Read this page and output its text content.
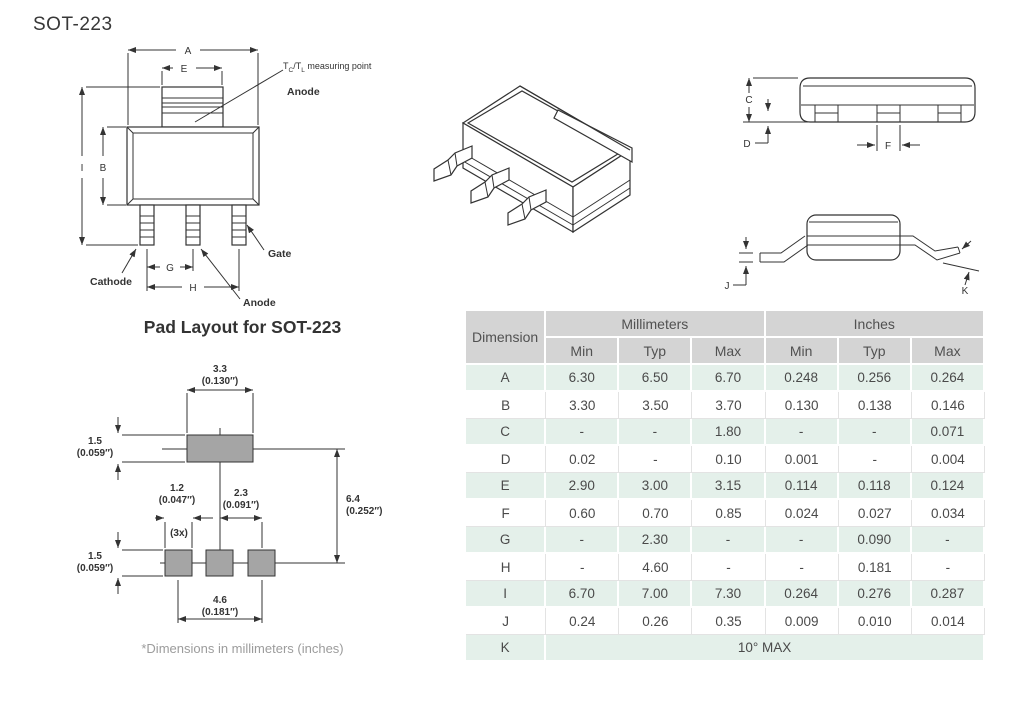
SOT-223
A
E
I B
G
H
Anode
Cathode
Gate
Anode
$T_C/T_L$ measuring point
C
D	F
J	K
Pad Layout for SOT-223
3.3
(0.130″)
1.5
(0.059″)
6.4
(0.252″)
1.2
(0.047″)
2.3
(0.091″)
(3x)
1.5
(0.059″)
4.6
(0.181″)
*Dimensions in millimeters (inches)
Dimension	Millimeters			Inches		
	Min	Typ	Max	Min	Typ	Max
A	6.30	6.50	6.70	0.248	0.256	0.264
B	3.30	3.50	3.70	0.130	0.138	0.146
C	-	-	1.80	-	-	0.071
D	0.02	-	0.10	0.001	-	0.004
E	2.90	3.00	3.15	0.114	0.118	0.124
F	0.60	0.70	0.85	0.024	0.027	0.034
G	-	2.30	-	-	0.090	-
H	-	4.60	-	-	0.181	-
I	6.70	7.00	7.30	0.264	0.276	0.287
J	0.24	0.26	0.35	0.009	0.010	0.014
K	10° MAX					
